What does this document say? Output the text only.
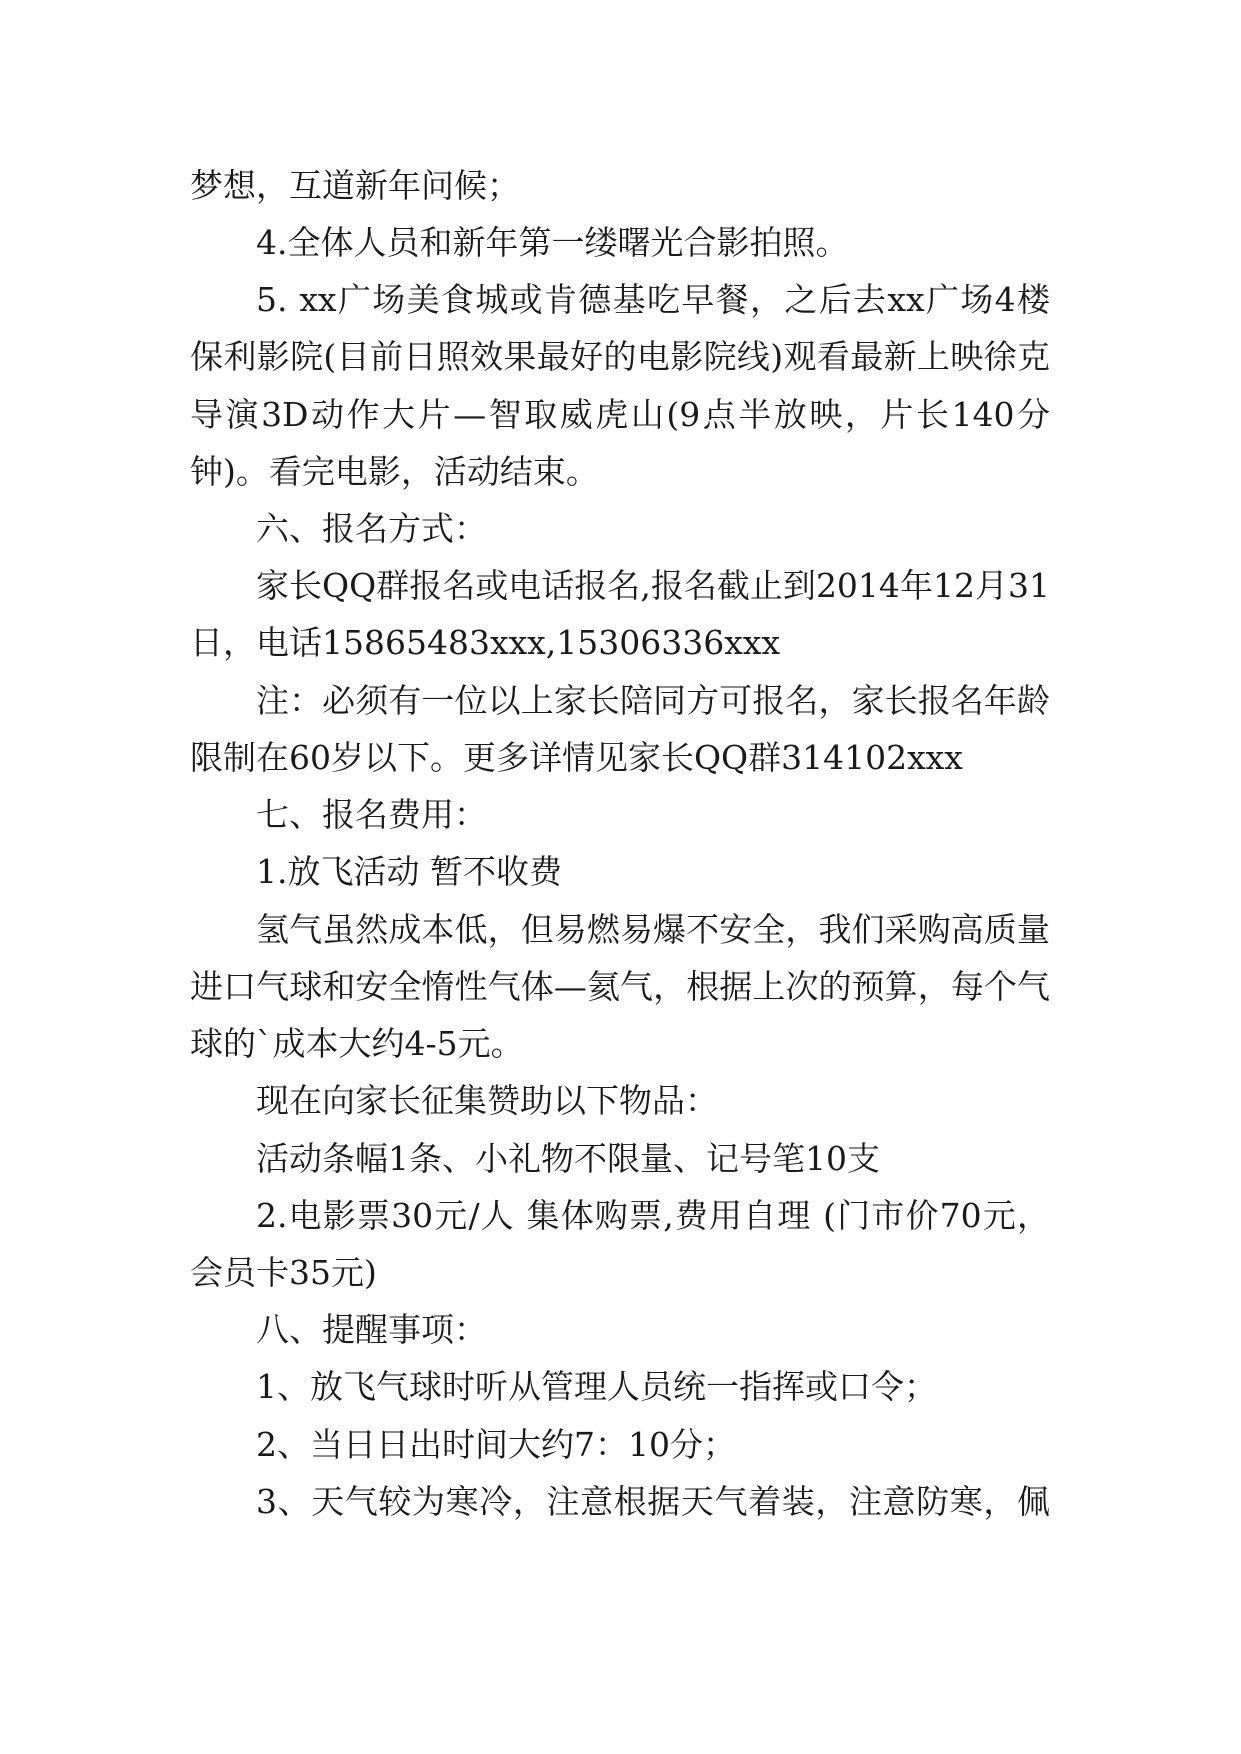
梦想，互道新年问候；
4.全体人员和新年第一缕曙光合影拍照。
5. xx广场美食城或肯德基吃早餐，之后去xx广场4楼
保利影院(目前日照效果最好的电影院线)观看最新上映徐克
导演3D动作大片—智取威虎山(9点半放映，片长140分
钟)。看完电影，活动结束。
六、报名方式：
家长QQ群报名或电话报名,报名截止到2014年12月31
日，电话15865483xxx,15306336xxx
注：必须有一位以上家长陪同方可报名，家长报名年龄
限制在60岁以下。更多详情见家长QQ群314102xxx
七、报名费用：
1.放飞活动 暂不收费
氢气虽然成本低，但易燃易爆不安全，我们采购高质量
进口气球和安全惰性气体—氦气，根据上次的预算，每个气
球的`成本大约4-5元。
现在向家长征集赞助以下物品：
活动条幅1条、小礼物不限量、记号笔10支
2.电影票30元/人 集体购票,费用自理 (门市价70元，
会员卡35元)
八、提醒事项：
1、放飞气球时听从管理人员统一指挥或口令；
2、当日日出时间大约7：10分；
3、天气较为寒冷，注意根据天气着装，注意防寒，佩
